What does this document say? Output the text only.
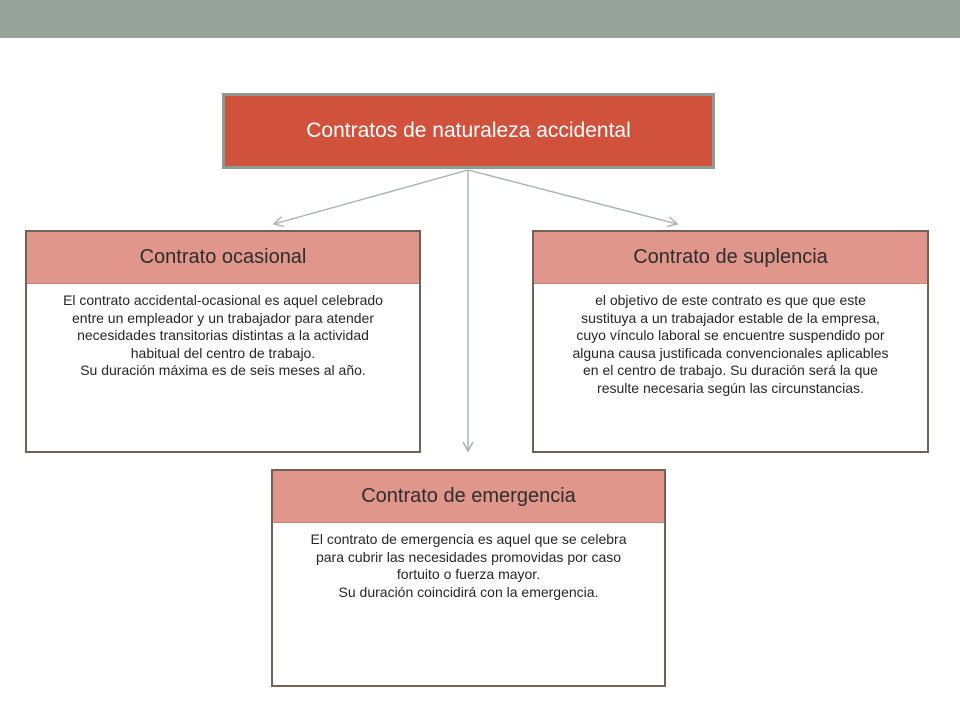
Contratos de naturaleza accidental
Contrato ocasional

El contrato accidental-ocasional es aquel celebrado

entre un empleador y un trabajador para atender

necesidades transitorias distintas a la actividad

habitual del centro de trabajo.

Su duración máxima es de seis meses al año.

Contrato de suplencia

el objetivo de este contrato es que que este

sustituya a un trabajador estable de la empresa,

cuyo vínculo laboral se encuentre suspendido por

alguna causa justificada convencionales aplicables

en el centro de trabajo. Su duración será la que

resulte necesaria según las circunstancias.

Contrato de emergencia

El contrato de emergencia es aquel que se celebra

para cubrir las necesidades promovidas por caso

fortuito o fuerza mayor.

Su duración coincidirá con la emergencia.
